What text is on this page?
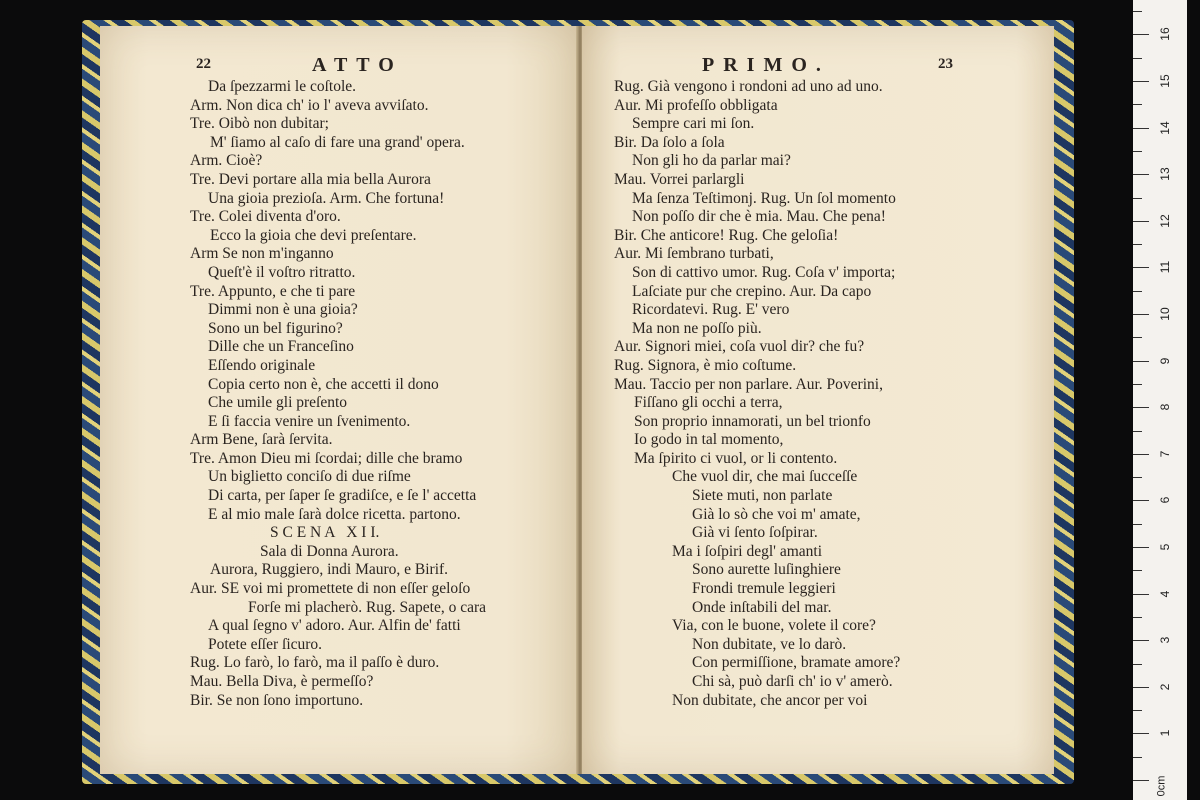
22	ATTO
Da ſpezzarmi le coſtole.
Arm. Non dica ch' io l' aveva avviſato.
Tre. Oibò non dubitar;
M' ſiamo al caſo di fare una grand' opera.
Arm. Cioè?
Tre. Devi portare alla mia bella Aurora
Una gioia prezioſa. Arm. Che fortuna!
Tre. Colei diventa d'oro.
Ecco la gioia che devi preſentare.
Arm Se non m'inganno
Queſt'è il voſtro ritratto.
Tre. Appunto, e che ti pare
Dimmi non è una gioia?
Sono un bel figurino?
Dille che un Franceſino
Eſſendo originale
Copia certo non è, che accetti il dono
Che umile gli preſento
E ſi faccia venire un ſvenimento.
Arm Bene, ſarà ſervita.
Tre. Amon Dieu mi ſcordai; dille che bramo
Un biglietto conciſo di due riſme
Di carta, per ſaper ſe gradiſce, e ſe l' accetta
E al mio male ſarà dolce ricetta. partono.
S C E N A   X I I.
Sala di Donna Aurora.
Aurora, Ruggiero, indi Mauro, e Birif.
Aur. SE voi mi promettete di non eſſer geloſo
Forſe mi placherò. Rug. Sapete, o cara
A qual ſegno v' adoro. Aur. Alfin de' fatti
Potete eſſer ſicuro.
Rug. Lo farò, lo farò, ma il paſſo è duro.
Mau. Bella Diva, è permeſſo?
Bir. Se non ſono importuno.
PRIMO.	23
Rug. Già vengono i rondoni ad uno ad uno.
Aur. Mi profeſſo obbligata
Sempre cari mi ſon.
Bir. Da ſolo a ſola
Non gli ho da parlar mai?
Mau. Vorrei parlargli
Ma ſenza Teſtimonj. Rug. Un ſol momento
Non poſſo dir che è mia. Mau. Che pena!
Bir. Che anticore! Rug. Che geloſia!
Aur. Mi ſembrano turbati,
Son di cattivo umor. Rug. Coſa v' importa;
Laſciate pur che crepino. Aur. Da capo
Ricordatevi. Rug. E' vero
Ma non ne poſſo più.
Aur. Signori miei, coſa vuol dir? che fu?
Rug. Signora, è mio coſtume.
Mau. Taccio per non parlare. Aur. Poverini,
Fiſſano gli occhi a terra,
Son proprio innamorati, un bel trionfo
Io godo in tal momento,
Ma ſpirito ci vuol, or li contento.
Che vuol dir, che mai ſucceſſe
Siete muti, non parlate
Già lo sò che voi m' amate,
Già vi ſento ſoſpirar.
Ma i ſoſpiri degl' amanti
Sono aurette luſinghiere
Frondi tremule leggieri
Onde inſtabili del mar.
Via, con le buone, volete il core?
Non dubitate, ve lo darò.
Con permiſſione, bramate amore?
Chi sà, può darſi ch' io v' amerò.
Non dubitate, che ancor per voi
0cm
1
2
3
4
5
6
7
8
9
10
11
12
13
14
15
16
